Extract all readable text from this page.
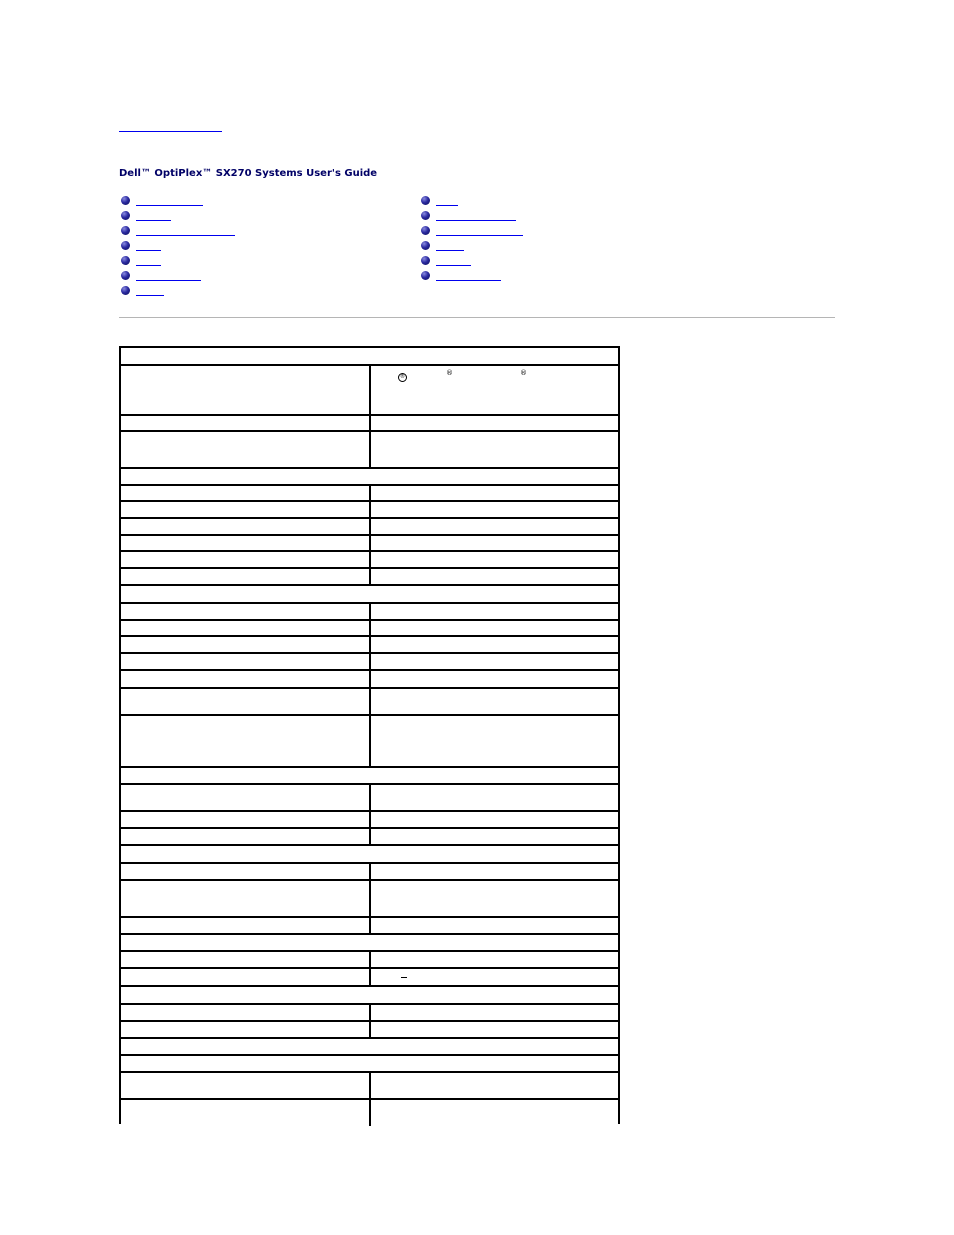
Dell™ OptiPlex™ SX270 Systems User's Guide
®	®	®
